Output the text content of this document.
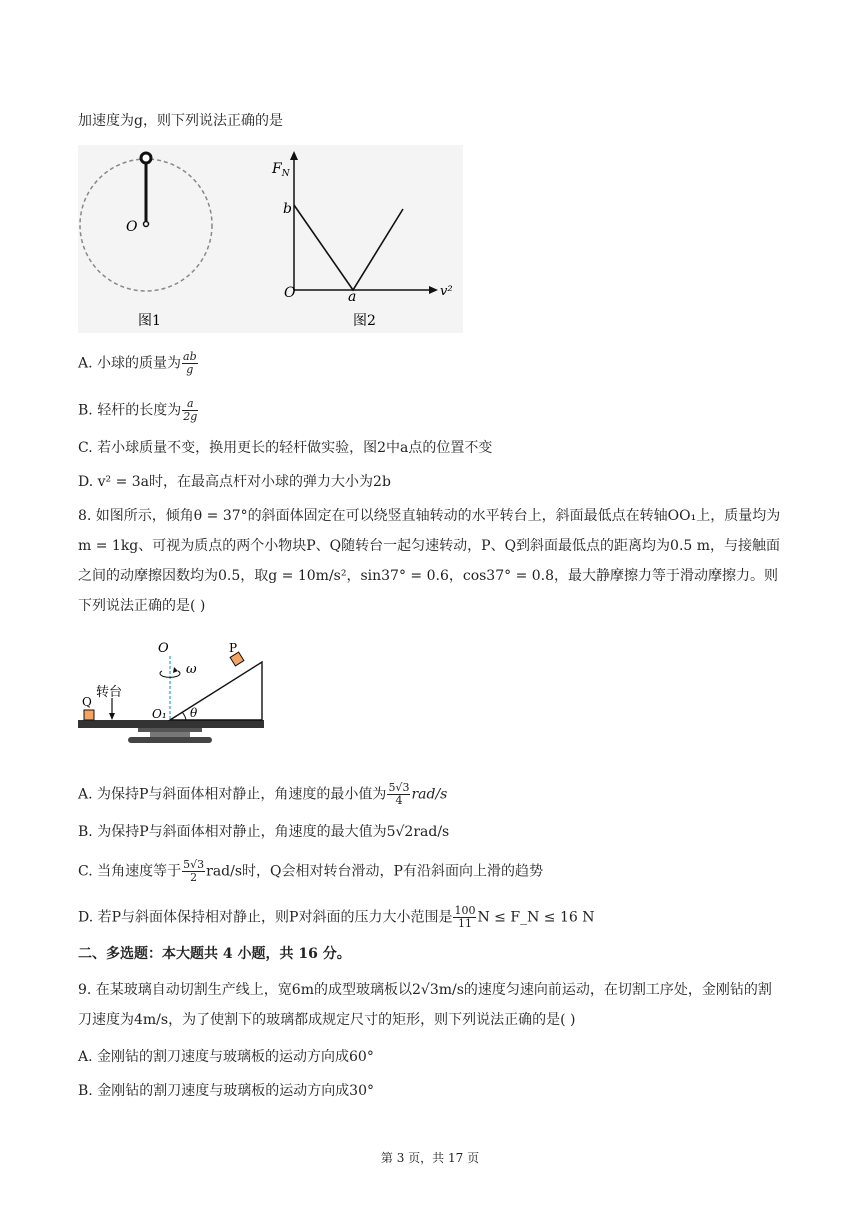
加速度为g，则下列说法正确的是
O
图1
$F_N$
b
O	a	v²
图2
A. 小球的质量为 $\frac{ab}{g}$
B. 轻杆的长度为 $\frac{a}{2g}$
C. 若小球质量不变，换用更长的轻杆做实验，图2中a点的位置不变
D. v² = 3a时，在最高点杆对小球的弹力大小为2b
8. 如图所示，倾角θ = 37°的斜面体固定在可以绕竖直轴转动的水平转台上，斜面最低点在转轴OO₁上，质量均为m = 1kg、可视为质点的两个小物块P、Q随转台一起匀速转动，P、Q到斜面最低点的距离均为0.5 m，与接触面之间的动摩擦因数均为0.5，取g = 10m/s²，sin37° = 0.6，cos37° = 0.8，最大静摩擦力等于滑动摩擦力。则下列说法正确的是( )
O
ω
P
Q
转台
O₁ θ
A. 为保持P与斜面体相对静止，角速度的最小值为 $\frac{5√3}{4} rad/s$
B. 为保持P与斜面体相对静止，角速度的最大值为5√2rad/s
C. 当角速度等于 $\frac{5√3}{2} rad/s$时，Q会相对转台滑动，P有沿斜面向上滑的趋势
D. 若P与斜面体保持相对静止，则P对斜面的压力大小范围是 $\frac{100}{11}$ N ≤ F_N ≤ 16 N
二、多选题：本大题共 4 小题，共 16 分。
9. 在某玻璃自动切割生产线上，宽6m的成型玻璃板以2√3m/s的速度匀速向前运动，在切割工序处，金刚钻的割刀速度为4m/s，为了使割下的玻璃都成规定尺寸的矩形，则下列说法正确的是( )
A. 金刚钻的割刀速度与玻璃板的运动方向成60°
B. 金刚钻的割刀速度与玻璃板的运动方向成30°
第 3 页，共 17 页
